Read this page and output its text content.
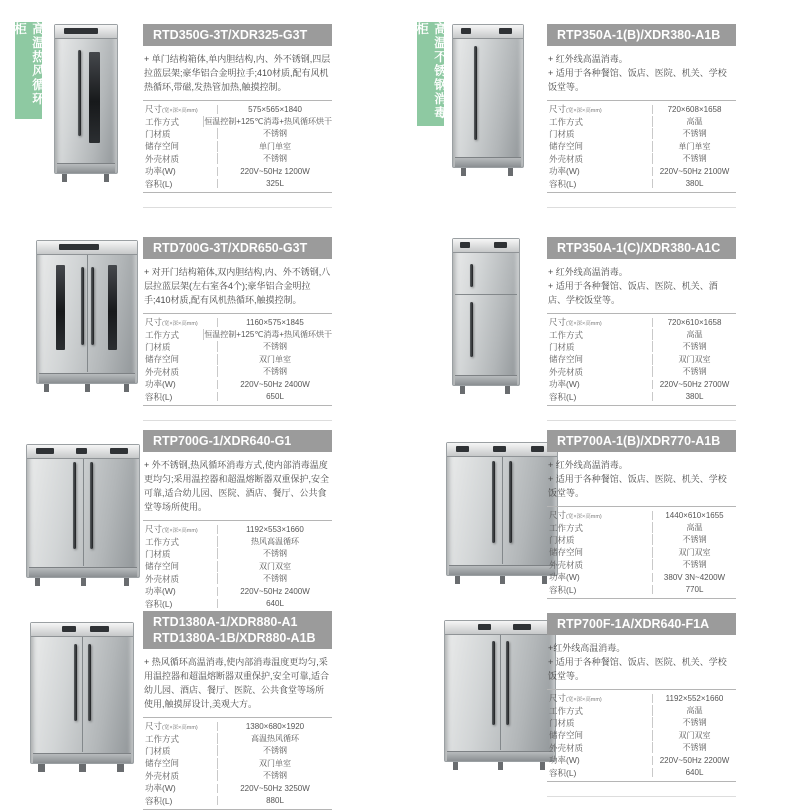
高温热风循环柜	高温不锈钢消毒柜
RTD350G-3T/XDR325-G3T

+ 单门结构箱体,单内胆结构,内、外不锈钢,四层拉蓝层架;豪华铝合金明拉手;410材质,配有风机热循环,带磁,发热管加热,触摸控制。

尺寸(宽×深×高mm)	575×565×1840
工作方式	恒温控制+125℃消毒+热风循环烘干
门材质	不锈钢
储存空间	单门单室
外壳材质	不锈钢
功率(W)	220V~50Hz 1200W
容积(L)	325L
RTD700G-3T/XDR650-G3T

+ 对开门结构箱体,双内胆结构,内、外不锈钢,八层拉蓝层架(左右室各4个);豪华铝合金明拉手;410材质,配有风机热循环,触摸控制。

尺寸(宽×深×高mm)	1160×575×1845
工作方式	恒温控制+125℃消毒+热风循环烘干
门材质	不锈钢
储存空间	双门单室
外壳材质	不锈钢
功率(W)	220V~50Hz 2400W
容积(L)	650L
RTP700G-1/XDR640-G1

+ 外不锈钢,热风循环消毒方式,使内部消毒温度更均匀;采用温控器和超温熔断器双重保护,安全可靠,适合幼儿园、医院、酒店、餐厅、公共食堂等场所使用。

尺寸(宽×深×高mm)	1192×553×1660
工作方式	热风高温循环
门材质	不锈钢
储存空间	双门双室
外壳材质	不锈钢
功率(W)	220V~50Hz 2400W
容积(L)	640L
RTD1380A-1/XDR880-A1
RTD1380A-1B/XDR880-A1B

+ 热风循环高温消毒,使内部消毒温度更均匀,采用温控器和超温熔断器双重保护,安全可靠,适合幼儿园、酒店、餐厅、医院、公共食堂等场所使用,触摸屏设计,美观大方。

尺寸(宽×深×高mm)	1380×680×1920
工作方式	高温热风循环
门材质	不锈钢
储存空间	双门单室
外壳材质	不锈钢
功率(W)	220V~50Hz 3250W
容积(L)	880L
RTP350A-1(B)/XDR380-A1B

+ 红外线高温消毒。
+ 适用于各种餐馆、饭店、医院、机关、学校饭堂等。

尺寸(宽×深×高mm)	720×608×1658
工作方式	高温
门材质	不锈钢
储存空间	单门单室
外壳材质	不锈钢
功率(W)	220V~50Hz 2100W
容积(L)	380L
RTP350A-1(C)/XDR380-A1C

+ 红外线高温消毒。
+ 适用于各种餐馆、饭店、医院、机关、酒店、学校饭堂等。

尺寸(宽×深×高mm)	720×610×1658
工作方式	高温
门材质	不锈钢
储存空间	双门双室
外壳材质	不锈钢
功率(W)	220V~50Hz 2700W
容积(L)	380L
RTP700A-1(B)/XDR770-A1B

+ 红外线高温消毒。
+ 适用于各种餐馆、饭店、医院、机关、学校饭堂等。

尺寸(宽×深×高mm)	1440×610×1655
工作方式	高温
门材质	不锈钢
储存空间	双门双室
外壳材质	不锈钢
功率(W)	380V 3N~4200W
容积(L)	770L
RTP700F-1A/XDR640-F1A

+红外线高温消毒。
+ 适用于各种餐馆、饭店、医院、机关、学校饭堂等。

尺寸(宽×深×高mm)	1192×552×1660
工作方式	高温
门材质	不锈钢
储存空间	双门双室
外壳材质	不锈钢
功率(W)	220V~50Hz 2200W
容积(L)	640L
